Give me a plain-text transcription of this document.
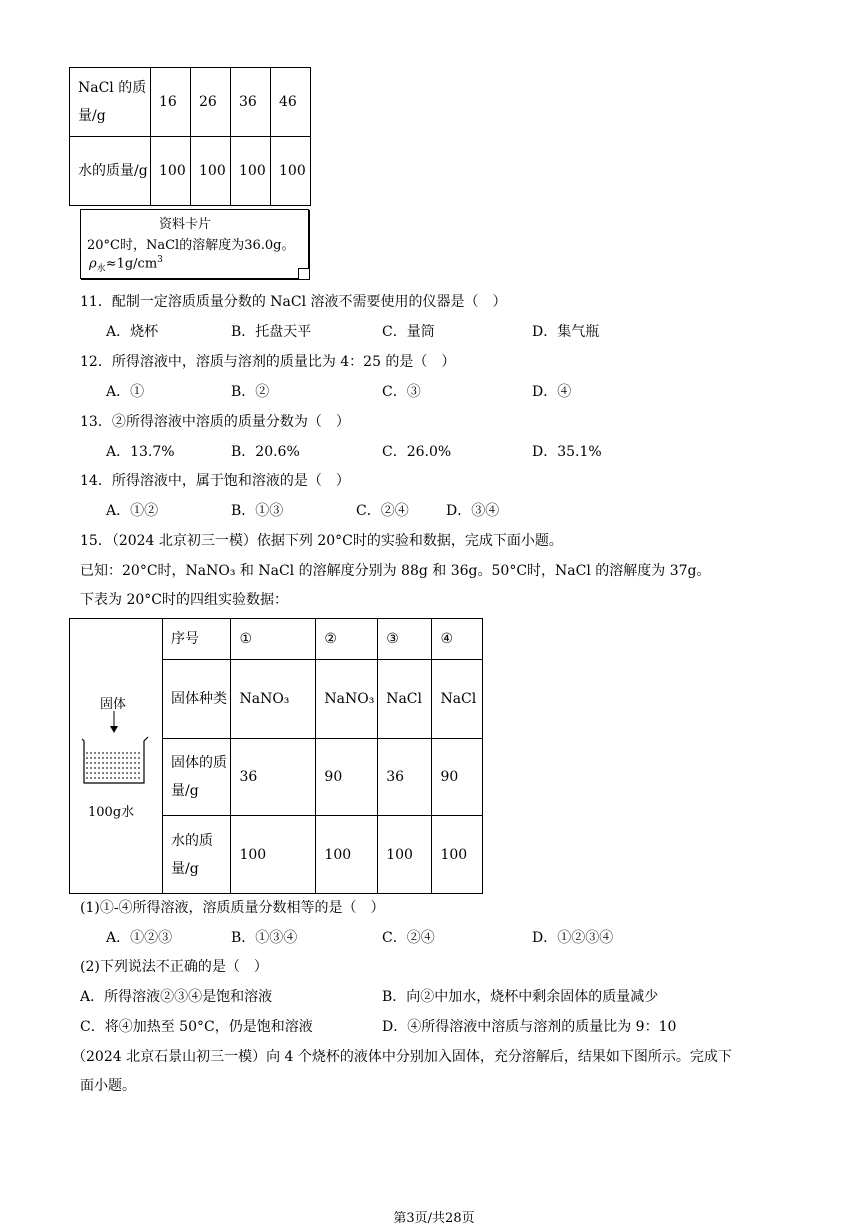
NaCl 的质量/g	16	26	36	46
水的质量/g	100	100	100	100
资料卡片
20°C时，NaCl的溶解度为36.0g。
$\rho_水\approx 1g/cm^3$
11．配制一定溶质质量分数的 NaCl 溶液不需要使用的仪器是（　）
A．烧杯	B．托盘天平	C．量筒	D．集气瓶
12．所得溶液中，溶质与溶剂的质量比为 4：25 的是（　）
A．①	B．②	C．③	D．④
13．②所得溶液中溶质的质量分数为（　）
A．13.7%	B．20.6%	C．26.0%	D．35.1%
14．所得溶液中，属于饱和溶液的是（　）
A．①②	B．①③	C．②④	D．③④
15．（2024 北京初三一模）依据下列 20°C时的实验和数据，完成下面小题。
已知：20°C时，NaNO₃ 和 NaCl 的溶解度分别为 88g 和 36g。50°C时，NaCl 的溶解度为 37g。
下表为 20°C时的四组实验数据：
固体
100g水	序号	①	②	③	④
	固体种类	NaNO₃	NaNO₃	NaCl	NaCl
	固体的质量/g	36	90	36	90
	水的质量/g	100	100	100	100
(1)①-④所得溶液，溶质质量分数相等的是（　）
A．①②③	B．①③④	C．②④	D．①②③④
(2)下列说法不正确的是（　）
A．所得溶液②③④是饱和溶液	B．向②中加水，烧杯中剩余固体的质量减少
C．将④加热至 50°C，仍是饱和溶液	D．④所得溶液中溶质与溶剂的质量比为 9：10
（2024 北京石景山初三一模）向 4 个烧杯的液体中分别加入固体，充分溶解后，结果如下图所示。完成下
面小题。
第3页/共28页
